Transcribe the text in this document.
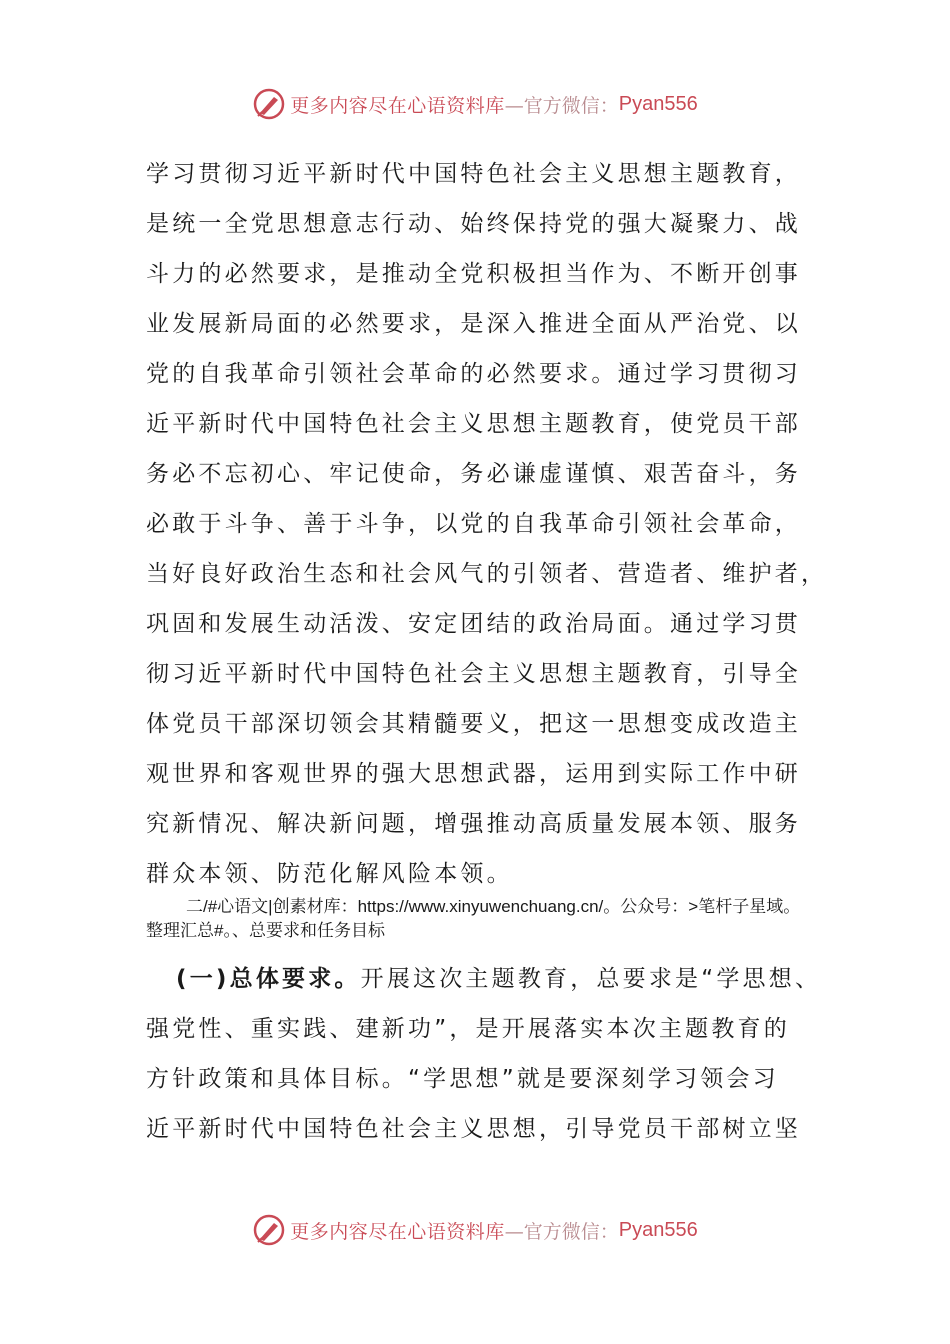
更多内容尽在心语资料库 —官方微信： Pyan556
学习贯彻习近平新时代中国特色社会主义思想主题教育，
是统一全党思想意志行动、始终保持党的强大凝聚力、战
斗力的必然要求，是推动全党积极担当作为、不断开创事
业发展新局面的必然要求，是深入推进全面从严治党、以
党的自我革命引领社会革命的必然要求。通过学习贯彻习
近平新时代中国特色社会主义思想主题教育，使党员干部
务必不忘初心、牢记使命，务必谦虚谨慎、艰苦奋斗，务
必敢于斗争、善于斗争，以党的自我革命引领社会革命，
当好良好政治生态和社会风气的引领者、营造者、维护者，
巩固和发展生动活泼、安定团结的政治局面。通过学习贯
彻习近平新时代中国特色社会主义思想主题教育，引导全
体党员干部深切领会其精髓要义，把这一思想变成改造主
观世界和客观世界的强大思想武器，运用到实际工作中研
究新情况、解决新问题，增强推动高质量发展本领、服务
群众本领、防范化解风险本领。
二/#心语文|创素材库：https://www.xinyuwenchuang.cn/。公众号：>笔杆子星域。整理汇总#。、总要求和任务目标
(一)总体要求。开展这次主题教育，总要求是“学思想、
强党性、重实践、建新功”，是开展落实本次主题教育的
方针政策和具体目标。“学思想”就是要深刻学习领会习
近平新时代中国特色社会主义思想，引导党员干部树立坚
更多内容尽在心语资料库 —官方微信： Pyan556
